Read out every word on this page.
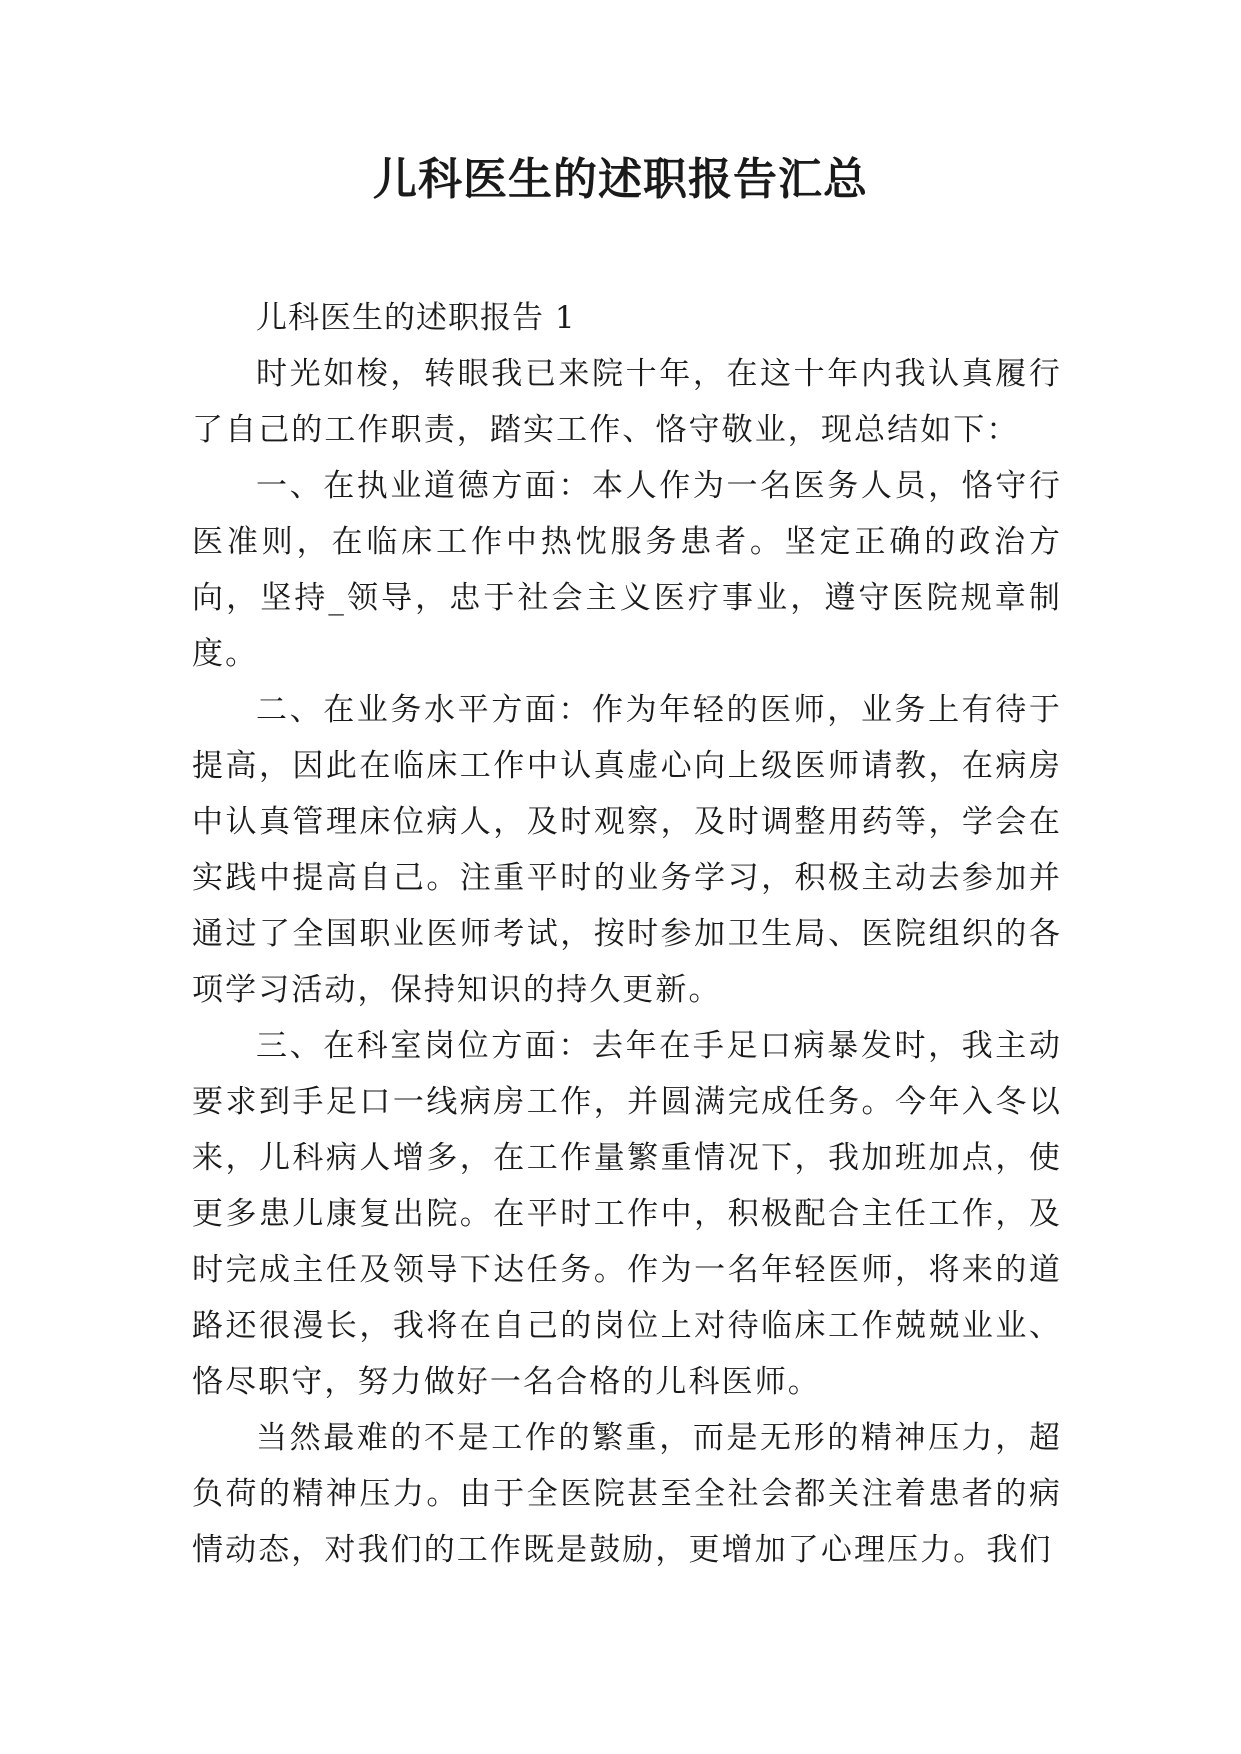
儿科医生的述职报告汇总

儿科医生的述职报告 1

时光如梭，转眼我已来院十年，在这十年内我认真履行了自己的工作职责，踏实工作、恪守敬业，现总结如下：

一、在执业道德方面：本人作为一名医务人员，恪守行医准则，在临床工作中热忱服务患者。坚定正确的政治方向，坚持_领导，忠于社会主义医疗事业，遵守医院规章制度。

二、在业务水平方面：作为年轻的医师，业务上有待于提高，因此在临床工作中认真虚心向上级医师请教，在病房中认真管理床位病人，及时观察，及时调整用药等，学会在实践中提高自己。注重平时的业务学习，积极主动去参加并通过了全国职业医师考试，按时参加卫生局、医院组织的各项学习活动，保持知识的持久更新。

三、在科室岗位方面：去年在手足口病暴发时，我主动要求到手足口一线病房工作，并圆满完成任务。今年入冬以来，儿科病人增多，在工作量繁重情况下，我加班加点，使更多患儿康复出院。在平时工作中，积极配合主任工作，及时完成主任及领导下达任务。作为一名年轻医师，将来的道路还很漫长，我将在自己的岗位上对待临床工作兢兢业业、恪尽职守，努力做好一名合格的儿科医师。

当然最难的不是工作的繁重，而是无形的精神压力，超负荷的精神压力。由于全医院甚至全社会都关注着患者的病情动态，对我们的工作既是鼓励，更增加了心理压力。我们
